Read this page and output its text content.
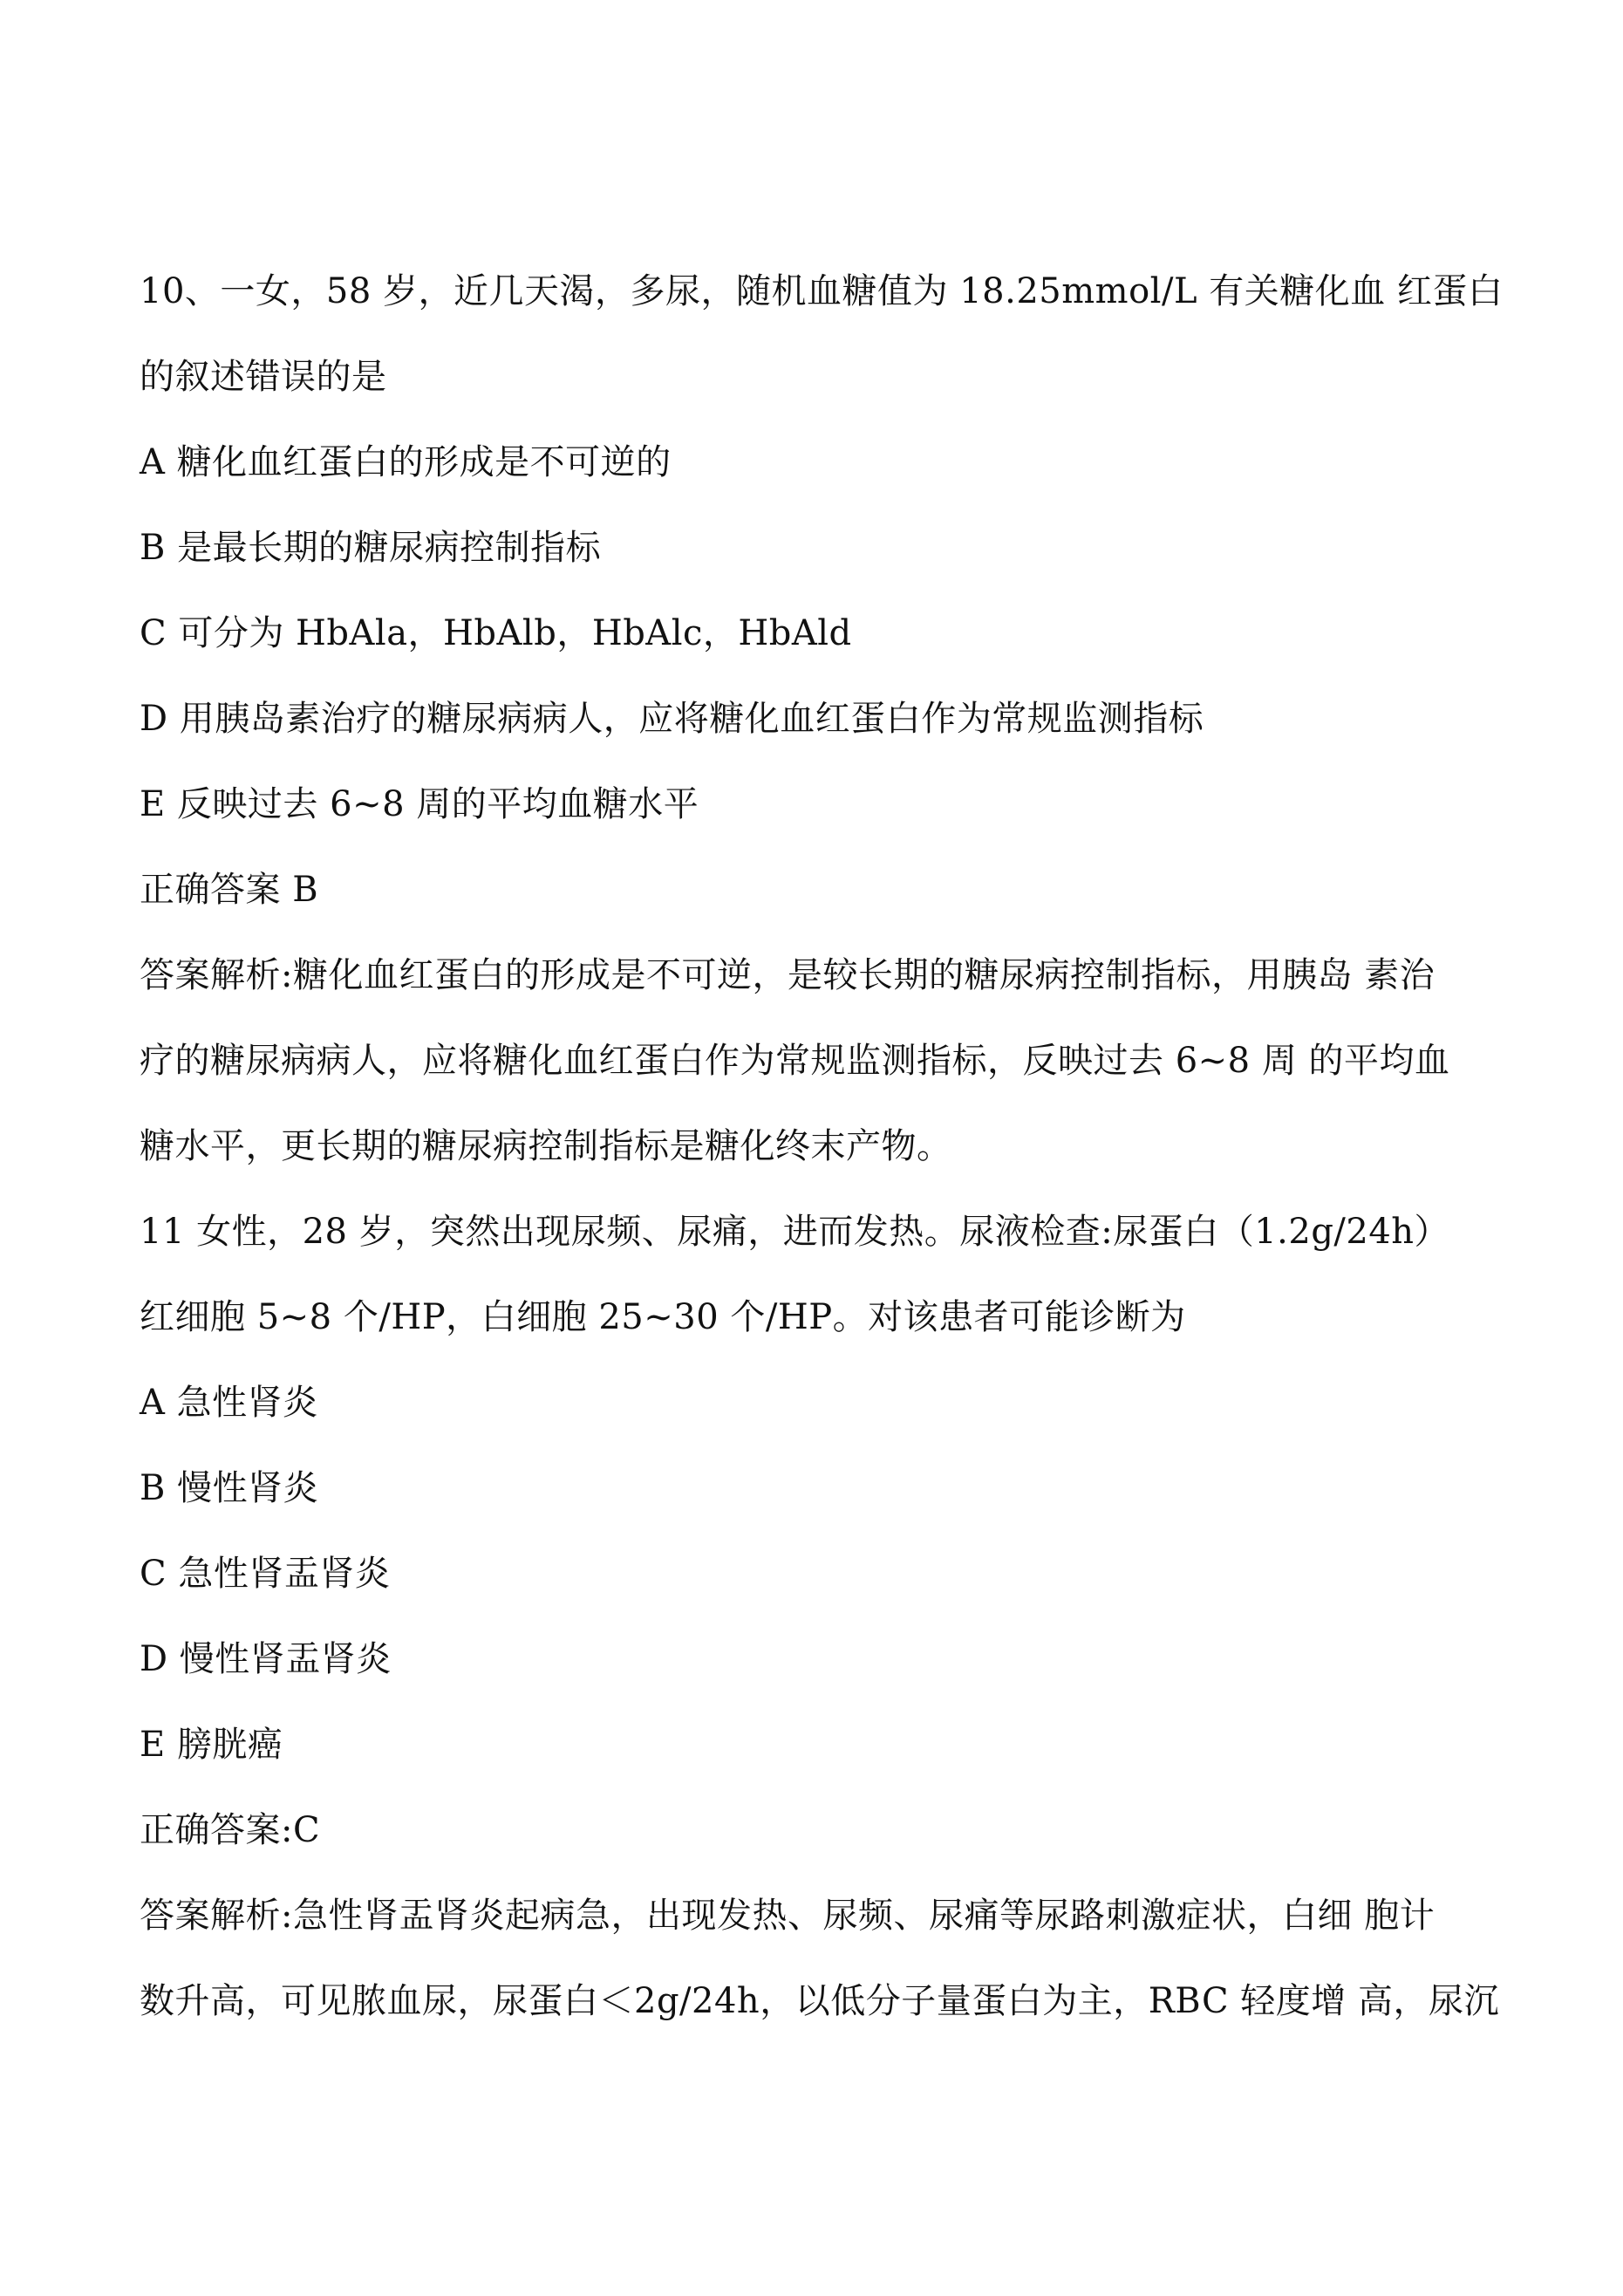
10、一女，58 岁，近几天渴，多尿，随机血糖值为 18.25mmol/L 有关糖化血 红蛋白
的叙述错误的是
A 糖化血红蛋白的形成是不可逆的
B 是最长期的糖尿病控制指标
C 可分为 HbAla，HbAlb，HbAlc，HbAld
D 用胰岛素治疗的糖尿病病人，应将糖化血红蛋白作为常规监测指标
E 反映过去 6~8 周的平均血糖水平
正确答案 B
答案解析:糖化血红蛋白的形成是不可逆，是较长期的糖尿病控制指标，用胰岛 素治
疗的糖尿病病人，应将糖化血红蛋白作为常规监测指标，反映过去 6~8 周 的平均血
糖水平，更长期的糖尿病控制指标是糖化终末产物。
11 女性，28 岁，突然出现尿频、尿痛，进而发热。尿液检查:尿蛋白（1.2g/24h）
红细胞 5~8 个/HP，白细胞 25~30 个/HP。对该患者可能诊断为
A 急性肾炎
B 慢性肾炎
C 急性肾盂肾炎
D 慢性肾盂肾炎
E 膀胱癌
正确答案:C
答案解析:急性肾盂肾炎起病急，出现发热、尿频、尿痛等尿路刺激症状，白细 胞计
数升高，可见脓血尿，尿蛋白＜2g/24h，以低分子量蛋白为主，RBC 轻度增 高，尿沉
